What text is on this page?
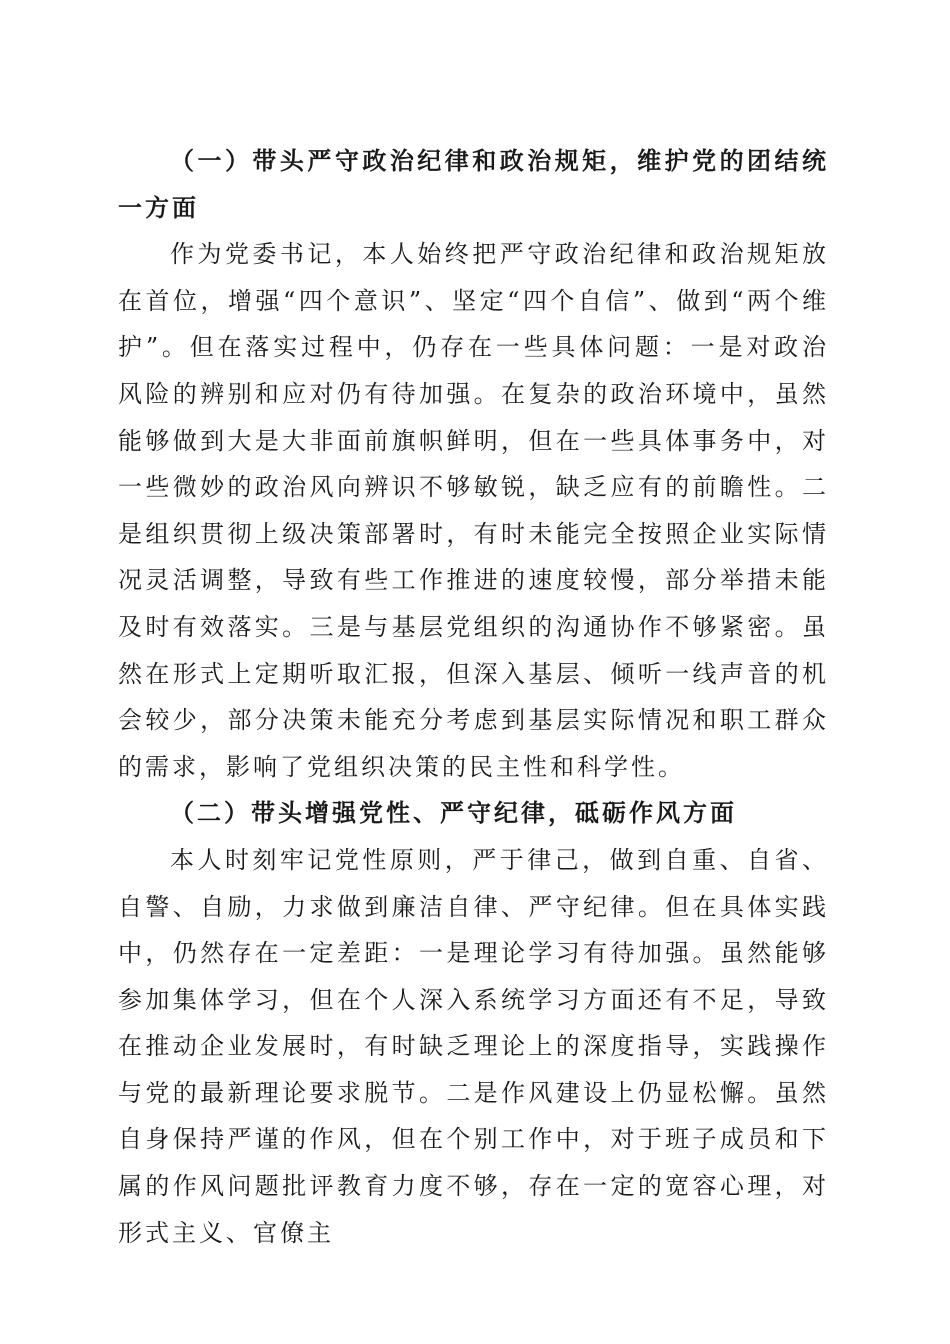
（一）带头严守政治纪律和政治规矩，维护党的团结统一方面

作为党委书记，本人始终把严守政治纪律和政治规矩放在首位，增强“四个意识”、坚定“四个自信”、做到“两个维护”。但在落实过程中，仍存在一些具体问题：一是对政治风险的辨别和应对仍有待加强。在复杂的政治环境中，虽然能够做到大是大非面前旗帜鲜明，但在一些具体事务中，对一些微妙的政治风向辨识不够敏锐，缺乏应有的前瞻性。二是组织贯彻上级决策部署时，有时未能完全按照企业实际情况灵活调整，导致有些工作推进的速度较慢，部分举措未能及时有效落实。三是与基层党组织的沟通协作不够紧密。虽然在形式上定期听取汇报，但深入基层、倾听一线声音的机会较少，部分决策未能充分考虑到基层实际情况和职工群众的需求，影响了党组织决策的民主性和科学性。

（二）带头增强党性、严守纪律，砥砺作风方面

本人时刻牢记党性原则，严于律己，做到自重、自省、自警、自励，力求做到廉洁自律、严守纪律。但在具体实践中，仍然存在一定差距：一是理论学习有待加强。虽然能够参加集体学习，但在个人深入系统学习方面还有不足，导致在推动企业发展时，有时缺乏理论上的深度指导，实践操作与党的最新理论要求脱节。二是作风建设上仍显松懈。虽然自身保持严谨的作风，但在个别工作中，对于班子成员和下属的作风问题批评教育力度不够，存在一定的宽容心理，对形式主义、官僚主
